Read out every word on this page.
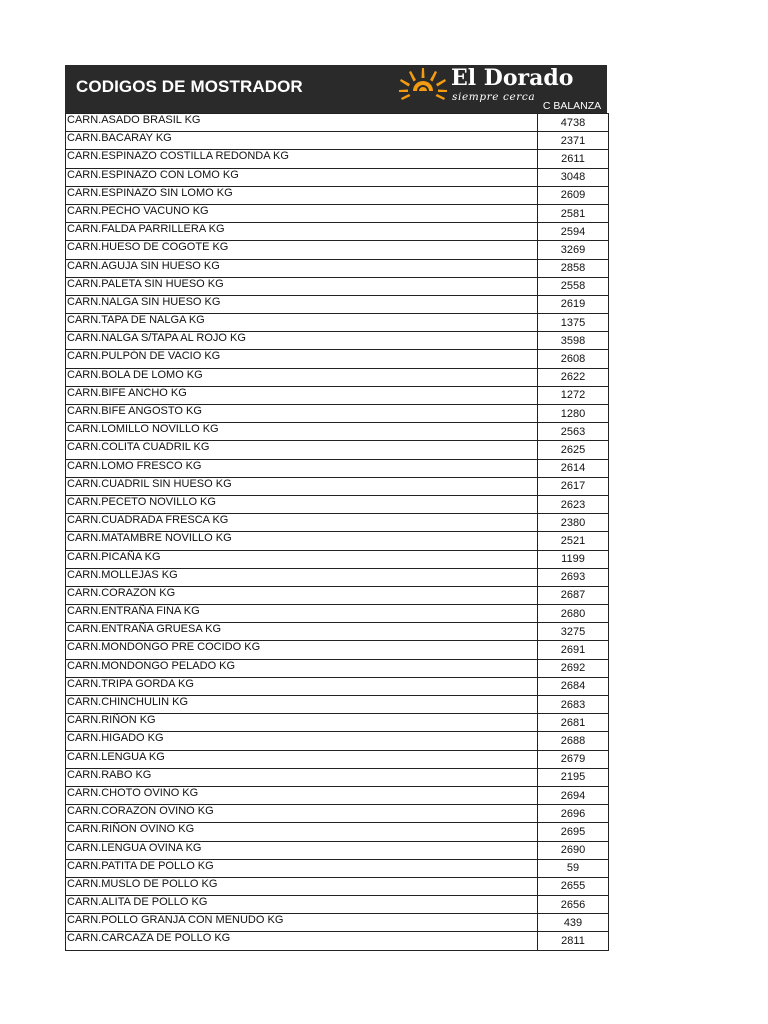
CODIGOS DE MOSTRADOR	El Dorado
siempre cerca
C BALANZA
CARN.ASADO BRASIL KG	4738
CARN.BACARAY KG	2371
CARN.ESPINAZO COSTILLA REDONDA KG	2611
CARN.ESPINAZO CON LOMO KG	3048
CARN.ESPINAZO SIN LOMO KG	2609
CARN.PECHO VACUNO KG	2581
CARN.FALDA PARRILLERA KG	2594
CARN.HUESO DE COGOTE KG	3269
CARN.AGUJA SIN HUESO KG	2858
CARN.PALETA SIN HUESO KG	2558
CARN.NALGA SIN HUESO KG	2619
CARN.TAPA DE NALGA KG	1375
CARN.NALGA S/TAPA AL ROJO KG	3598
CARN.PULPÓN DE VACIO KG	2608
CARN.BOLA DE LOMO KG	2622
CARN.BIFE ANCHO KG	1272
CARN.BIFE ANGOSTO KG	1280
CARN.LOMILLO NOVILLO KG	2563
CARN.COLITA CUADRIL KG	2625
CARN.LOMO FRESCO KG	2614
CARN.CUADRIL SIN HUESO KG	2617
CARN.PECETO NOVILLO KG	2623
CARN.CUADRADA FRESCA KG	2380
CARN.MATAMBRE NOVILLO KG	2521
CARN.PICAÑA KG	1199
CARN.MOLLEJAS KG	2693
CARN.CORAZON KG	2687
CARN.ENTRAÑA FINA KG	2680
CARN.ENTRAÑA GRUESA KG	3275
CARN.MONDONGO PRE COCIDO KG	2691
CARN.MONDONGO PELADO KG	2692
CARN.TRIPA GORDA KG	2684
CARN.CHINCHULIN KG	2683
CARN.RIÑON KG	2681
CARN.HIGADO KG	2688
CARN.LENGUA KG	2679
CARN.RABO KG	2195
CARN.CHOTO OVINO KG	2694
CARN.CORAZON OVINO KG	2696
CARN.RIÑON OVINO KG	2695
CARN.LENGUA OVINA KG	2690
CARN.PATITA DE POLLO KG	59
CARN.MUSLO DE POLLO KG	2655
CARN.ALITA DE POLLO KG	2656
CARN.POLLO GRANJA CON MENUDO KG	439
CARN.CARCAZA DE POLLO KG	2811
